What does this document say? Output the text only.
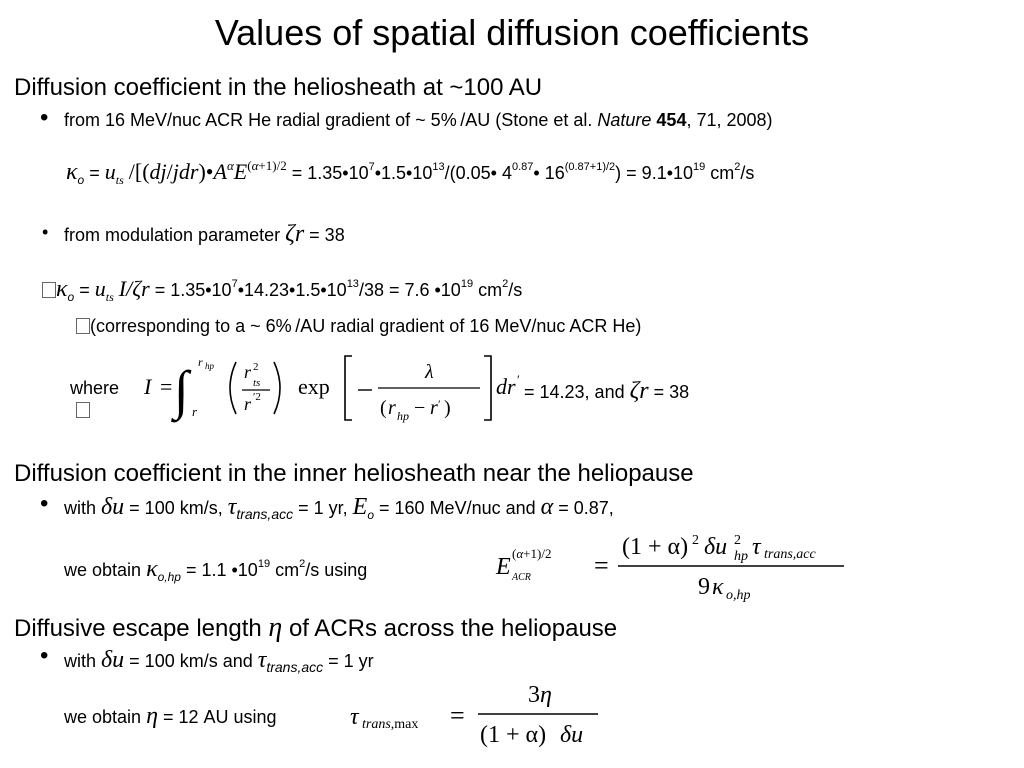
Values of spatial diffusion coefficients
Diffusion coefficient in the heliosheath at ~100 AU
• from 16 MeV/nuc ACR He radial gradient of ~ 5% /AU (Stone et al. Nature 454, 71, 2008)
$\kappa_o = u_{ts}$ $/[(dj/jdr)•A^\alpha E^{(\alpha+1)/2}$ = $1.35•10^7•1.5•10^{13}/(0.05•$ $4^{0.87}•$ $16^{(0.87+1)/2}$) = $9.1•10^{19}$ $cm^2/s$
• from modulation parameter ζr = 38
$\kappa_o = u_{ts}$ $I/\zeta r = 1.35•10^7•14.23•1.5•10^{13}/38 = 7.6$ $•10^{19}$ $cm^2/s$
(corresponding to a ~ 6% /AU radial gradient of 16 MeV/nuc ACR He)
where I = ∫ r hp
r
r 2
ts
r ′2 exp
λ
( r hp − r ′ )
dr ′
= 14.23, and ζr = 38
Diffusion coefficient in the inner heliosheath near the heliopause
• with δu = 100 km/s, $\tau_{trans,acc} = 1$ yr, $E_o = 160$ MeV/nuc and α = 0.87,
we obtain $\kappa_{o,hp} = 1.1$ $•10^{19}$ $cm^2/s$ using	E
(α+1)/2
ACR =
(1 + α) 2 δu 2
hp τ trans,acc
9 κ o,hp
Diffusive escape length η of ACRs across the heliopause
• with δu = 100 km/s and $\tau_{trans,acc} = 1$ yr
we obtain η = 12 AU using	τ trans,max =
3η
(1 + α) δu
